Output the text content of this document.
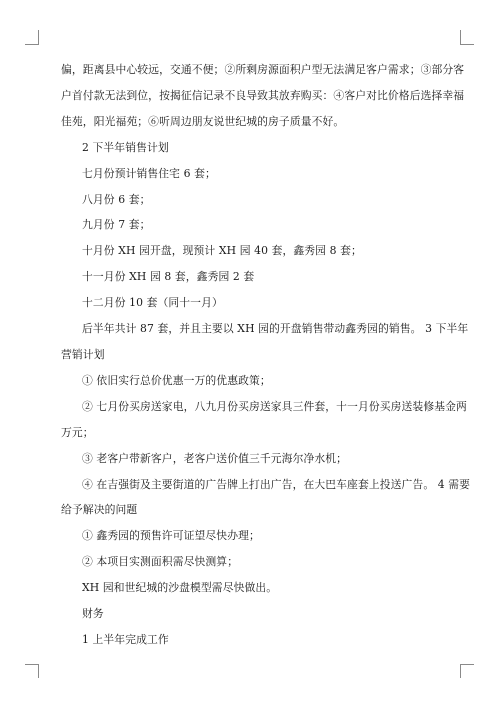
偏，距离县中心较远，交通不便；②所剩房源面积户型无法满足客户需求；③部分客
户首付款无法到位，按揭征信记录不良导致其放弃购买：④客户对比价格后选择幸福
佳苑，阳光福苑；⑥听周边朋友说世纪城的房子质量不好。
2 下半年销售计划
七月份预计销售住宅 6 套；
八月份 6 套；
九月份 7 套；
十月份 XH 园开盘，现预计 XH 园 40 套，鑫秀园 8 套；
十一月份 XH 园 8 套，鑫秀园 2 套
十二月份 10 套（同十一月）
后半年共计 87 套，并且主要以 XH 园的开盘销售带动鑫秀园的销售。 3 下半年
营销计划
① 依旧实行总价优惠一万的优惠政策；
② 七月份买房送家电，八九月份买房送家具三件套，十一月份买房送装修基金两
万元；
③ 老客户带新客户，老客户送价值三千元海尔净水机；
④ 在吉强街及主要街道的广告牌上打出广告，在大巴车座套上投送广告。 4 需要
给予解决的问题
① 鑫秀园的预售许可证望尽快办理；
② 本项目实测面积需尽快测算；
XH 园和世纪城的沙盘模型需尽快做出。
财务
1 上半年完成工作
